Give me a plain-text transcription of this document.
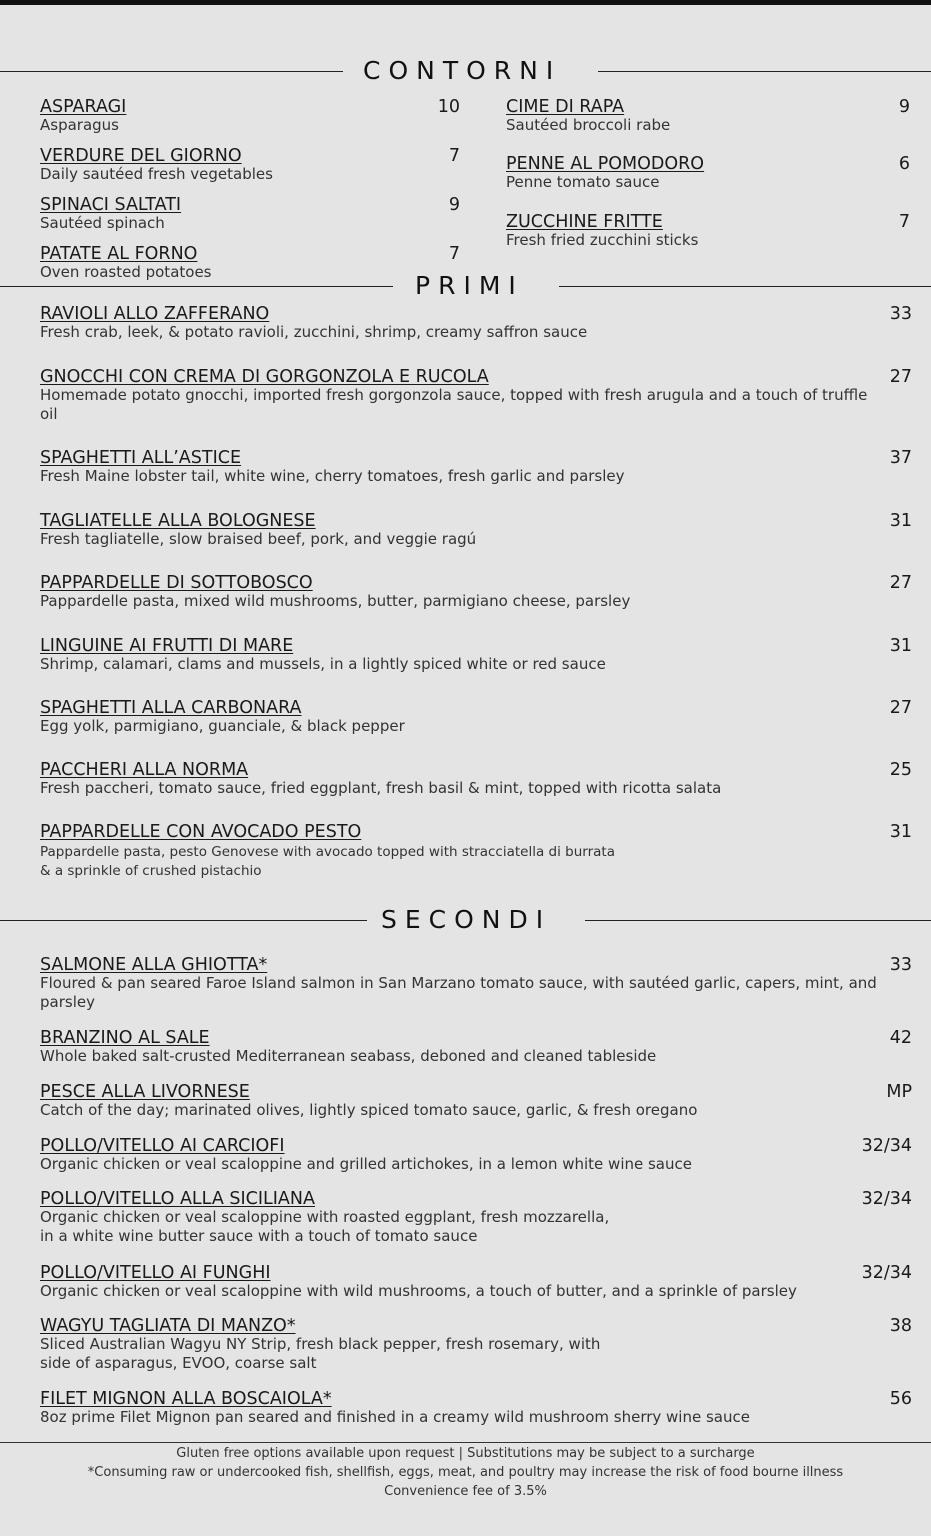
CONTORNI
ASPARAGI
Asparagus
10
VERDURE DEL GIORNO
Daily sautéed fresh vegetables
7
SPINACI SALTATI
Sautéed spinach
9
PATATE AL FORNO
Oven roasted potatoes
7
CIME DI RAPA
Sautéed broccoli rabe
9
PENNE AL POMODORO
Penne tomato sauce
6
ZUCCHINE FRITTE
Fresh fried zucchini sticks
7
PRIMI
RAVIOLI ALLO ZAFFERANO
Fresh crab, leek, & potato ravioli, zucchini, shrimp, creamy saffron sauce
33
GNOCCHI CON CREMA DI GORGONZOLA E RUCOLA
Homemade potato gnocchi, imported fresh gorgonzola sauce, topped with fresh arugula and a touch of truffle oil
27
SPAGHETTI ALL’ASTICE
Fresh Maine lobster tail, white wine, cherry tomatoes, fresh garlic and parsley
37
TAGLIATELLE ALLA BOLOGNESE
Fresh tagliatelle, slow braised beef, pork, and veggie ragú
31
PAPPARDELLE DI SOTTOBOSCO
Pappardelle pasta, mixed wild mushrooms, butter, parmigiano cheese, parsley
27
LINGUINE AI FRUTTI DI MARE
Shrimp, calamari, clams and mussels, in a lightly spiced white or red sauce
31
SPAGHETTI ALLA CARBONARA
Egg yolk, parmigiano, guanciale, & black pepper
27
PACCHERI ALLA NORMA
Fresh paccheri, tomato sauce, fried eggplant, fresh basil & mint, topped with ricotta salata
25
PAPPARDELLE CON AVOCADO PESTO
Pappardelle pasta, pesto Genovese with avocado topped with stracciatella di burrata
& a sprinkle of crushed pistachio
31
SECONDI
SALMONE ALLA GHIOTTA*
Floured & pan seared Faroe Island salmon in San Marzano tomato sauce, with sautéed garlic, capers, mint, and parsley
33
BRANZINO AL SALE
Whole baked salt-crusted Mediterranean seabass, deboned and cleaned tableside
42
PESCE ALLA LIVORNESE
Catch of the day; marinated olives, lightly spiced tomato sauce, garlic, & fresh oregano
MP
POLLO/VITELLO AI CARCIOFI
Organic chicken or veal scaloppine and grilled artichokes, in a lemon white wine sauce
32/34
POLLO/VITELLO ALLA SICILIANA
Organic chicken or veal scaloppine with roasted eggplant, fresh mozzarella,
in a white wine butter sauce with a touch of tomato sauce
32/34
POLLO/VITELLO AI FUNGHI
Organic chicken or veal scaloppine with wild mushrooms, a touch of butter, and a sprinkle of parsley
32/34
WAGYU TAGLIATA DI MANZO*
Sliced Australian Wagyu NY Strip, fresh black pepper, fresh rosemary, with
side of asparagus, EVOO, coarse salt
38
FILET MIGNON ALLA BOSCAIOLA*
8oz prime Filet Mignon pan seared and finished in a creamy wild mushroom sherry wine sauce
56
Gluten free options available upon request | Substitutions may be subject to a surcharge
*Consuming raw or undercooked fish, shellfish, eggs, meat, and poultry may increase the risk of food bourne illness
Convenience fee of 3.5%
